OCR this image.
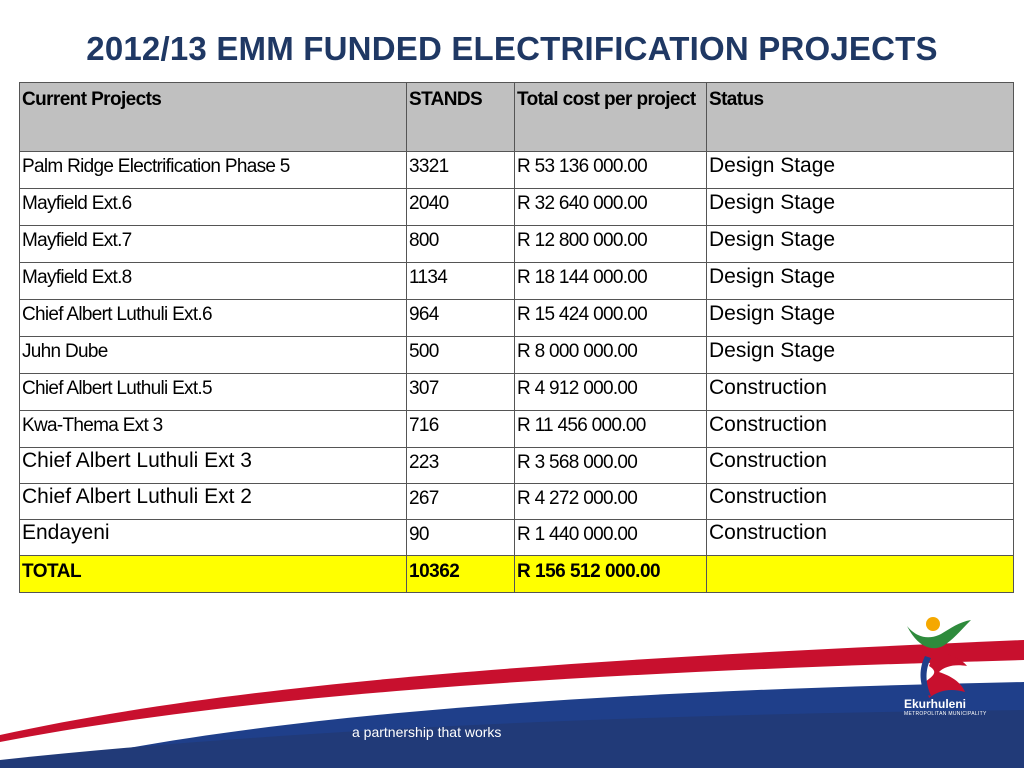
2012/13 EMM FUNDED ELECTRIFICATION PROJECTS
Current Projects	STANDS	Total cost per project	Status
Palm Ridge Electrification Phase 5	3321	R 53 136 000.00	Design Stage
Mayfield Ext.6	2040	R 32 640 000.00	Design Stage
Mayfield Ext.7	800	R 12 800 000.00	Design Stage
Mayfield Ext.8	1134	R 18 144 000.00	Design Stage
Chief Albert Luthuli Ext.6	964	R 15 424 000.00	Design Stage
Juhn Dube	500	R 8 000 000.00	Design Stage
Chief Albert Luthuli Ext.5	307	R 4 912 000.00	Construction
Kwa-Thema Ext 3	716	R 11 456 000.00	Construction
Chief Albert Luthuli Ext 3	223	R 3 568 000.00	Construction
Chief Albert Luthuli Ext 2	267	R 4 272 000.00	Construction
Endayeni	90	R 1 440 000.00	Construction
TOTAL	10362	R 156 512 000.00	
Ekurhuleni
METROPOLITAN MUNICIPALITY
a partnership that works
